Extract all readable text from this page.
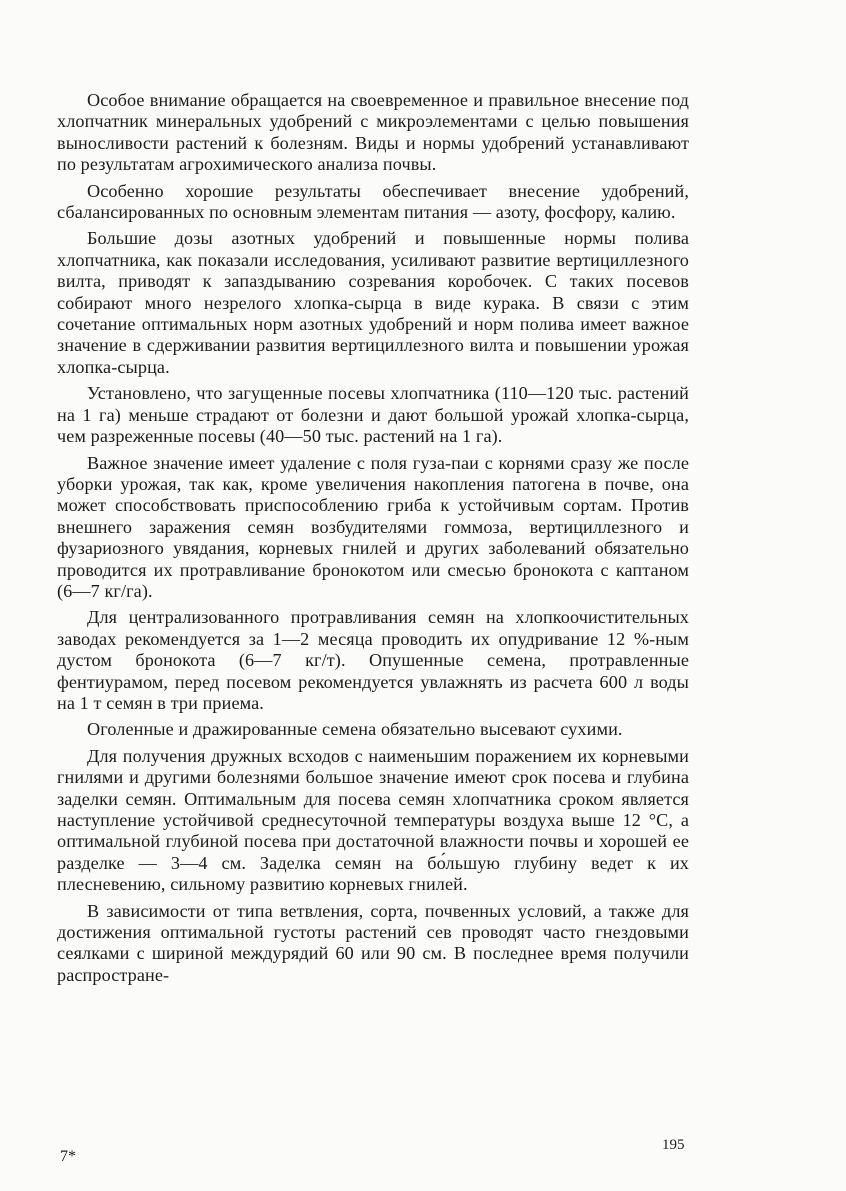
Особое внимание обращается на своевременное и правильное внесение под хлопчатник минеральных удобрений с микроэлементами с целью повышения выносливости растений к болезням. Виды и нормы удобрений устанавливают по результатам агрохимического анализа почвы.

Особенно хорошие результаты обеспечивает внесение удобрений, сбалансированных по основным элементам питания — азоту, фосфору, калию.

Большие дозы азотных удобрений и повышенные нормы полива хлопчатника, как показали исследования, усиливают развитие вертициллезного вилта, приводят к запаздыванию созревания коробочек. С таких посевов собирают много незрелого хлопка-сырца в виде курака. В связи с этим сочетание оптимальных норм азотных удобрений и норм полива имеет важное значение в сдерживании развития вертициллезного вилта и повышении урожая хлопка-сырца.

Установлено, что загущенные посевы хлопчатника (110—120 тыс. растений на 1 га) меньше страдают от болезни и дают большой урожай хлопка-сырца, чем разреженные посевы (40—50 тыс. растений на 1 га).

Важное значение имеет удаление с поля гуза-паи с корнями сразу же после уборки урожая, так как, кроме увеличения накопления патогена в почве, она может способствовать приспособлению гриба к устойчивым сортам. Против внешнего заражения семян возбудителями гоммоза, вертициллезного и фузариозного увядания, корневых гнилей и других заболеваний обязательно проводится их протравливание бронокотом или смесью бронокота с каптаном (6—7 кг/га).

Для централизованного протравливания семян на хлопкоочистительных заводах рекомендуется за 1—2 месяца проводить их опудривание 12 %-ным дустом бронокота (6—7 кг/т). Опушенные семена, протравленные фентиурамом, перед посевом рекомендуется увлажнять из расчета 600 л воды на 1 т семян в три приема.

Оголенные и дражированные семена обязательно высевают сухими.

Для получения дружных всходов с наименьшим поражением их корневыми гнилями и другими болезнями большое значение имеют срок посева и глубина заделки семян. Оптимальным для посева семян хлопчатника сроком является наступление устойчивой среднесуточной температуры воздуха выше 12 °С, а оптимальной глубиной посева при достаточной влажности почвы и хорошей ее разделке — 3—4 см. Заделка семян на бо́льшую глубину ведет к их плесневению, сильному развитию корневых гнилей.

В зависимости от типа ветвления, сорта, почвенных условий, а также для достижения оптимальной густоты растений сев проводят часто гнездовыми сеялками с шириной междурядий 60 или 90 см. В последнее время получили распростране-

7*
195
